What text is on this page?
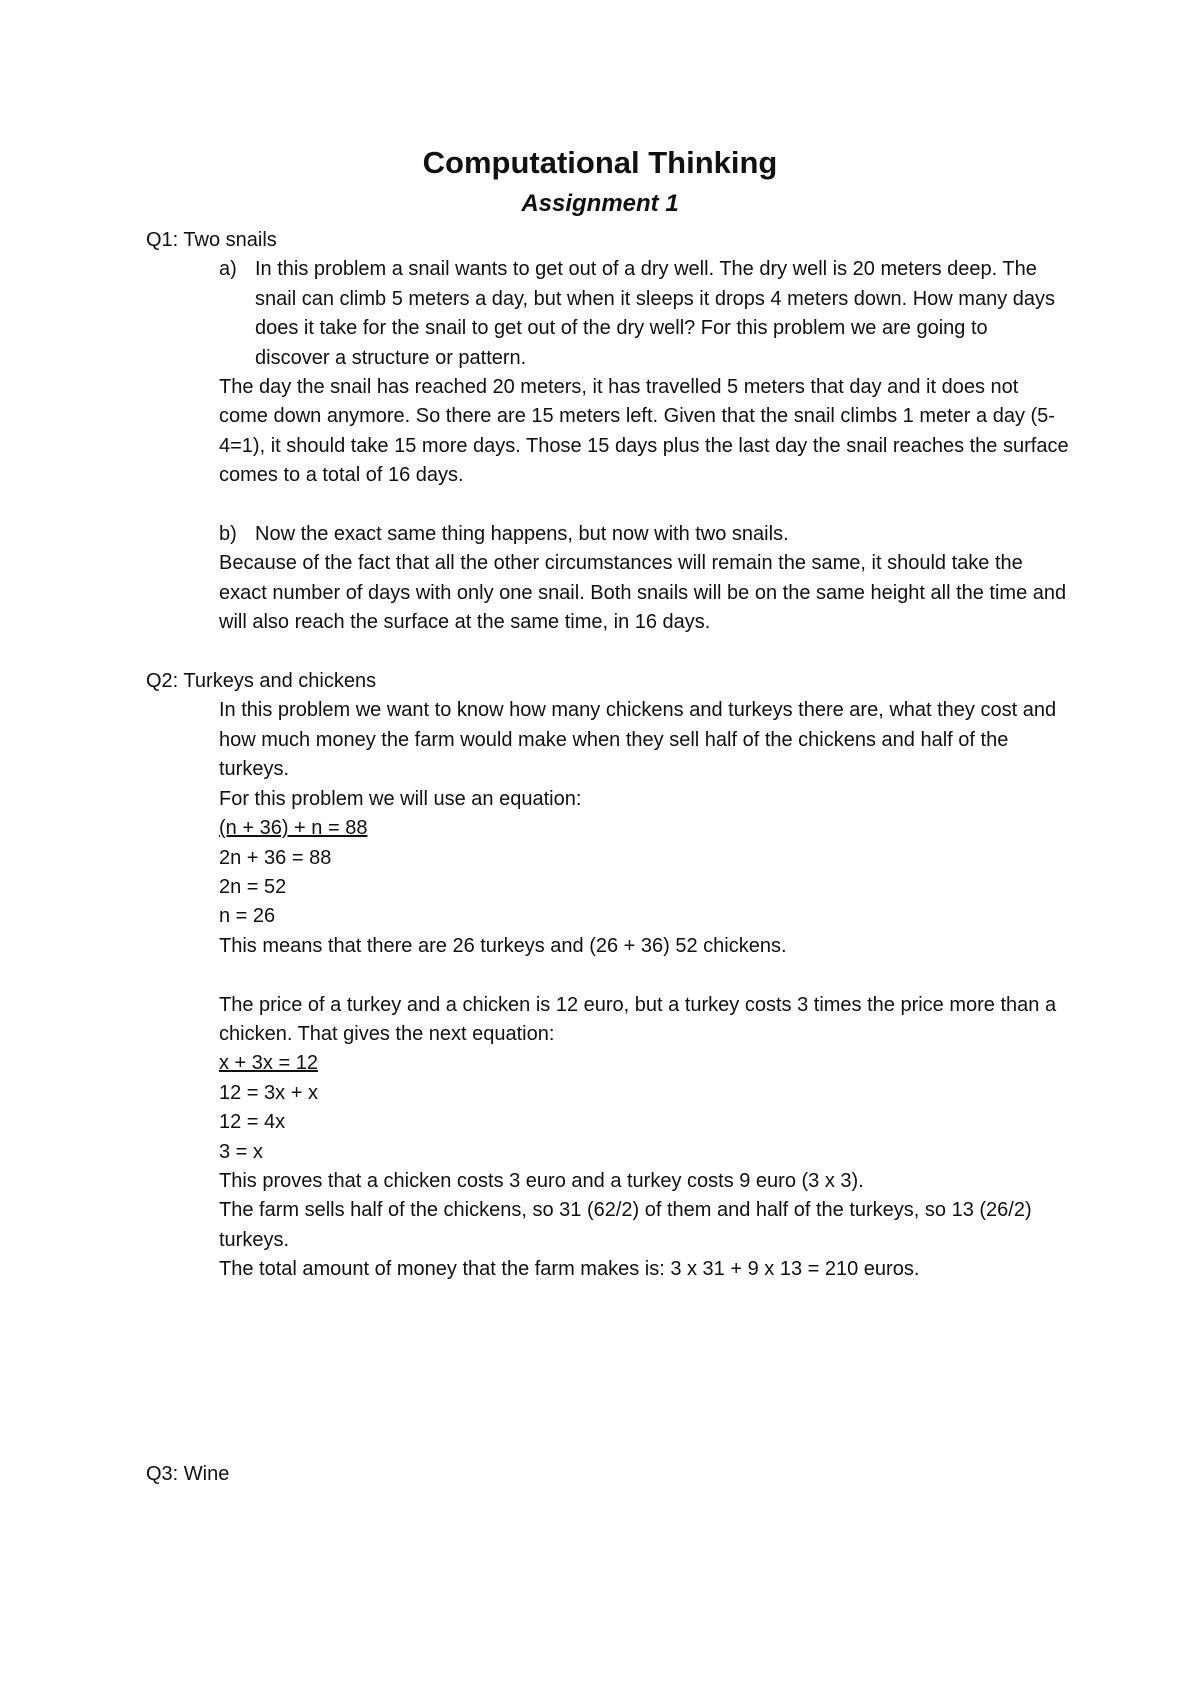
Computational Thinking
Assignment 1
Q1: Two snails
a) In this problem a snail wants to get out of a dry well. The dry well is 20 meters deep. The snail can climb 5 meters a day, but when it sleeps it drops 4 meters down. How many days does it take for the snail to get out of the dry well? For this problem we are going to discover a structure or pattern.

The day the snail has reached 20 meters, it has travelled 5 meters that day and it does not come down anymore. So there are 15 meters left. Given that the snail climbs 1 meter a day (5-4=1), it should take 15 more days. Those 15 days plus the last day the snail reaches the surface comes to a total of 16 days.

b) Now the exact same thing happens, but now with two snails.

Because of the fact that all the other circumstances will remain the same, it should take the exact number of days with only one snail. Both snails will be on the same height all the time and will also reach the surface at the same time, in 16 days.

Q2: Turkeys and chickens

In this problem we want to know how many chickens and turkeys there are, what they cost and how much money the farm would make when they sell half of the chickens and half of the turkeys.

For this problem we will use an equation:

(n + 36) + n = 88

2n + 36 = 88

2n = 52

n = 26

This means that there are 26 turkeys and (26 + 36) 52 chickens.

The price of a turkey and a chicken is 12 euro, but a turkey costs 3 times the price more than a chicken. That gives the next equation:

x + 3x = 12

12 = 3x + x

12 = 4x

3 = x

This proves that a chicken costs 3 euro and a turkey costs 9 euro (3 x 3).

The farm sells half of the chickens, so 31 (62/2) of them and half of the turkeys, so 13 (26/2) turkeys.

The total amount of money that the farm makes is: 3 x 31 + 9 x 13 = 210 euros.

Q3: Wine
